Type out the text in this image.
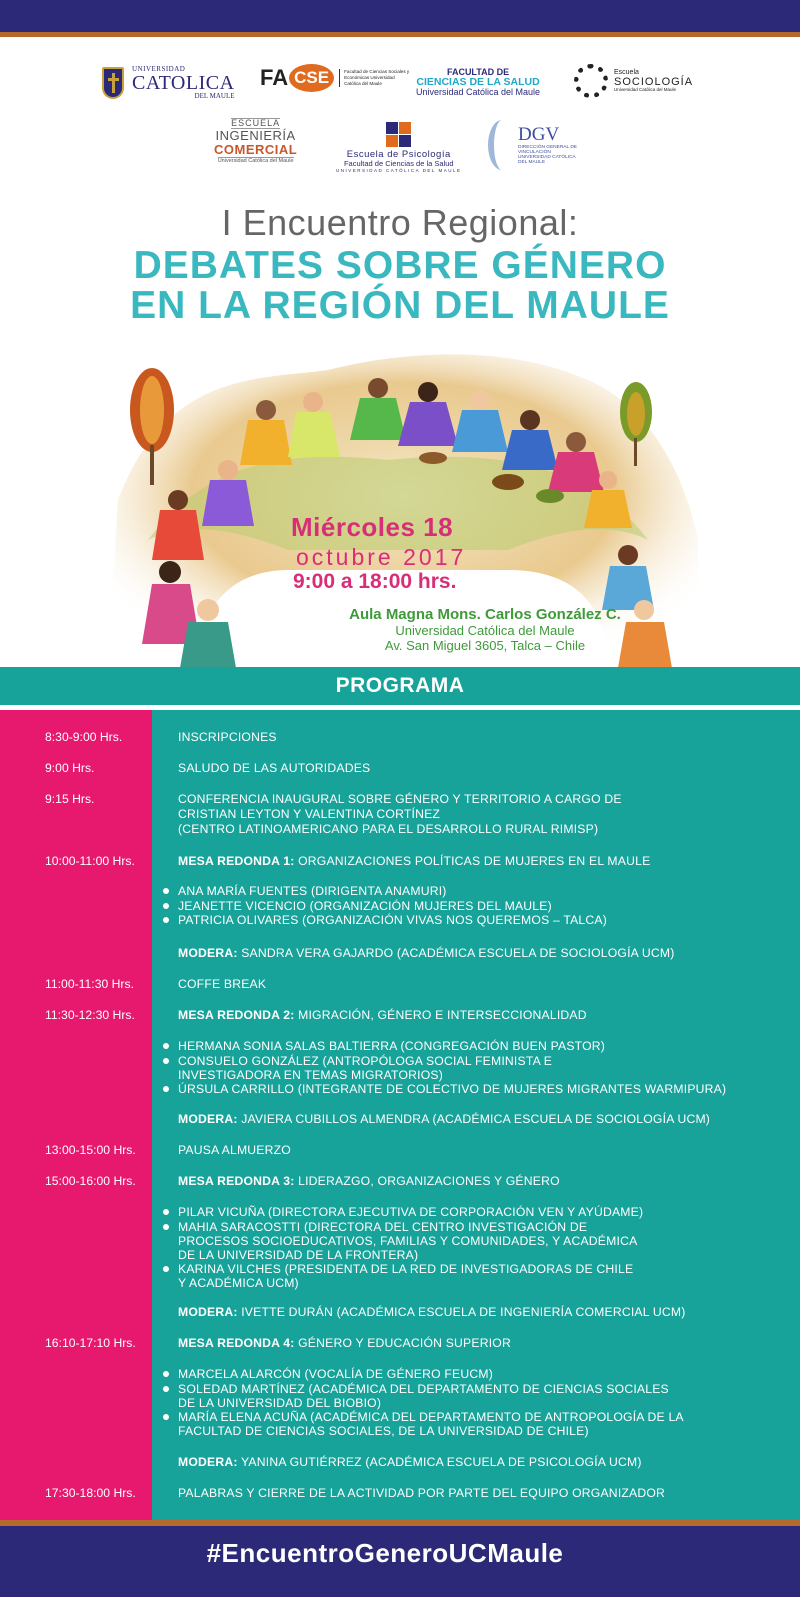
UNIVERSIDAD
CATOLICA
DEL MAULE
FA CSE	Facultad de Ciencias Sociales y Económicas Universidad Católica del Maule
FACULTAD DE
CIENCIAS DE LA SALUD
Universidad Católica del Maule
Escuela
SOCIOLOGÍA
Universidad Católica del Maule
ESCUELA
INGENIERÍA
COMERCIAL
Universidad Católica del Maule
Escuela de Psicología
Facultad de Ciencias de la Salud
UNIVERSIDAD CATÓLICA DEL MAULE
DGV
DIRECCIÓN GENERAL DE VINCULACIÓN
UNIVERSIDAD CATÓLICA DEL MAULE
I Encuentro Regional:
DEBATES SOBRE GÉNERO
EN LA REGIÓN DEL MAULE
Miércoles 18
octubre 2017
9:00 a 18:00 hrs.
Aula Magna Mons. Carlos González C.
Universidad Católica del Maule
Av. San Miguel 3605, Talca – Chile
PROGRAMA
8:30-9:00 Hrs.
9:00 Hrs.
9:15 Hrs.
10:00-11:00 Hrs.
11:00-11:30 Hrs.
11:30-12:30 Hrs.
13:00-15:00 Hrs.
15:00-16:00 Hrs.
16:10-17:10 Hrs.
17:30-18:00 Hrs.
INSCRIPCIONES
SALUDO DE LAS AUTORIDADES
CONFERENCIA INAUGURAL SOBRE GÉNERO Y TERRITORIO A CARGO DE
CRISTIAN LEYTON Y VALENTINA CORTÍNEZ
(CENTRO LATINOAMERICANO PARA EL DESARROLLO RURAL RIMISP)
MESA REDONDA 1: ORGANIZACIONES POLÍTICAS DE MUJERES EN EL MAULE
ANA MARÍA FUENTES (DIRIGENTA ANAMURI)
JEANETTE VICENCIO (ORGANIZACIÓN MUJERES DEL MAULE)
PATRICIA OLIVARES (ORGANIZACIÓN VIVAS NOS QUEREMOS – TALCA)
MODERA: SANDRA VERA GAJARDO (ACADÉMICA ESCUELA DE SOCIOLOGÍA UCM)
COFFE BREAK
MESA REDONDA 2: MIGRACIÓN, GÉNERO E INTERSECCIONALIDAD
HERMANA SONIA SALAS BALTIERRA (CONGREGACIÓN BUEN PASTOR)
CONSUELO GONZÁLEZ (ANTROPÓLOGA SOCIAL FEMINISTA E
INVESTIGADORA EN TEMAS MIGRATORIOS)
ÚRSULA CARRILLO (INTEGRANTE DE COLECTIVO DE MUJERES MIGRANTES WARMIPURA)
MODERA: JAVIERA CUBILLOS ALMENDRA (ACADÉMICA ESCUELA DE SOCIOLOGÍA UCM)
PAUSA ALMUERZO
MESA REDONDA 3: LIDERAZGO, ORGANIZACIONES Y GÉNERO
PILAR VICUÑA (DIRECTORA EJECUTIVA DE CORPORACIÓN VEN Y AYÚDAME)
MAHIA SARACOSTTI (DIRECTORA DEL CENTRO INVESTIGACIÓN DE
PROCESOS SOCIOEDUCATIVOS, FAMILIAS Y COMUNIDADES, Y ACADÉMICA
DE LA UNIVERSIDAD DE LA FRONTERA)
KARINA VILCHES (PRESIDENTA DE LA RED DE INVESTIGADORAS DE CHILE
Y ACADÉMICA UCM)
MODERA: IVETTE DURÁN (ACADÉMICA ESCUELA DE INGENIERÍA COMERCIAL UCM)
MESA REDONDA 4: GÉNERO Y EDUCACIÓN SUPERIOR
MARCELA ALARCÓN (VOCALÍA DE GÉNERO FEUCM)
SOLEDAD MARTÍNEZ (ACADÉMICA DEL DEPARTAMENTO DE CIENCIAS SOCIALES
DE LA UNIVERSIDAD DEL BIOBIO)
MARÍA ELENA ACUÑA (ACADÉMICA DEL DEPARTAMENTO DE ANTROPOLOGÍA DE LA
FACULTAD DE CIENCIAS SOCIALES, DE LA UNIVERSIDAD DE CHILE)
MODERA: YANINA GUTIÉRREZ (ACADÉMICA ESCUELA DE PSICOLOGÍA UCM)
PALABRAS Y CIERRE DE LA ACTIVIDAD POR PARTE DEL EQUIPO ORGANIZADOR
#EncuentroGeneroUCMaule
